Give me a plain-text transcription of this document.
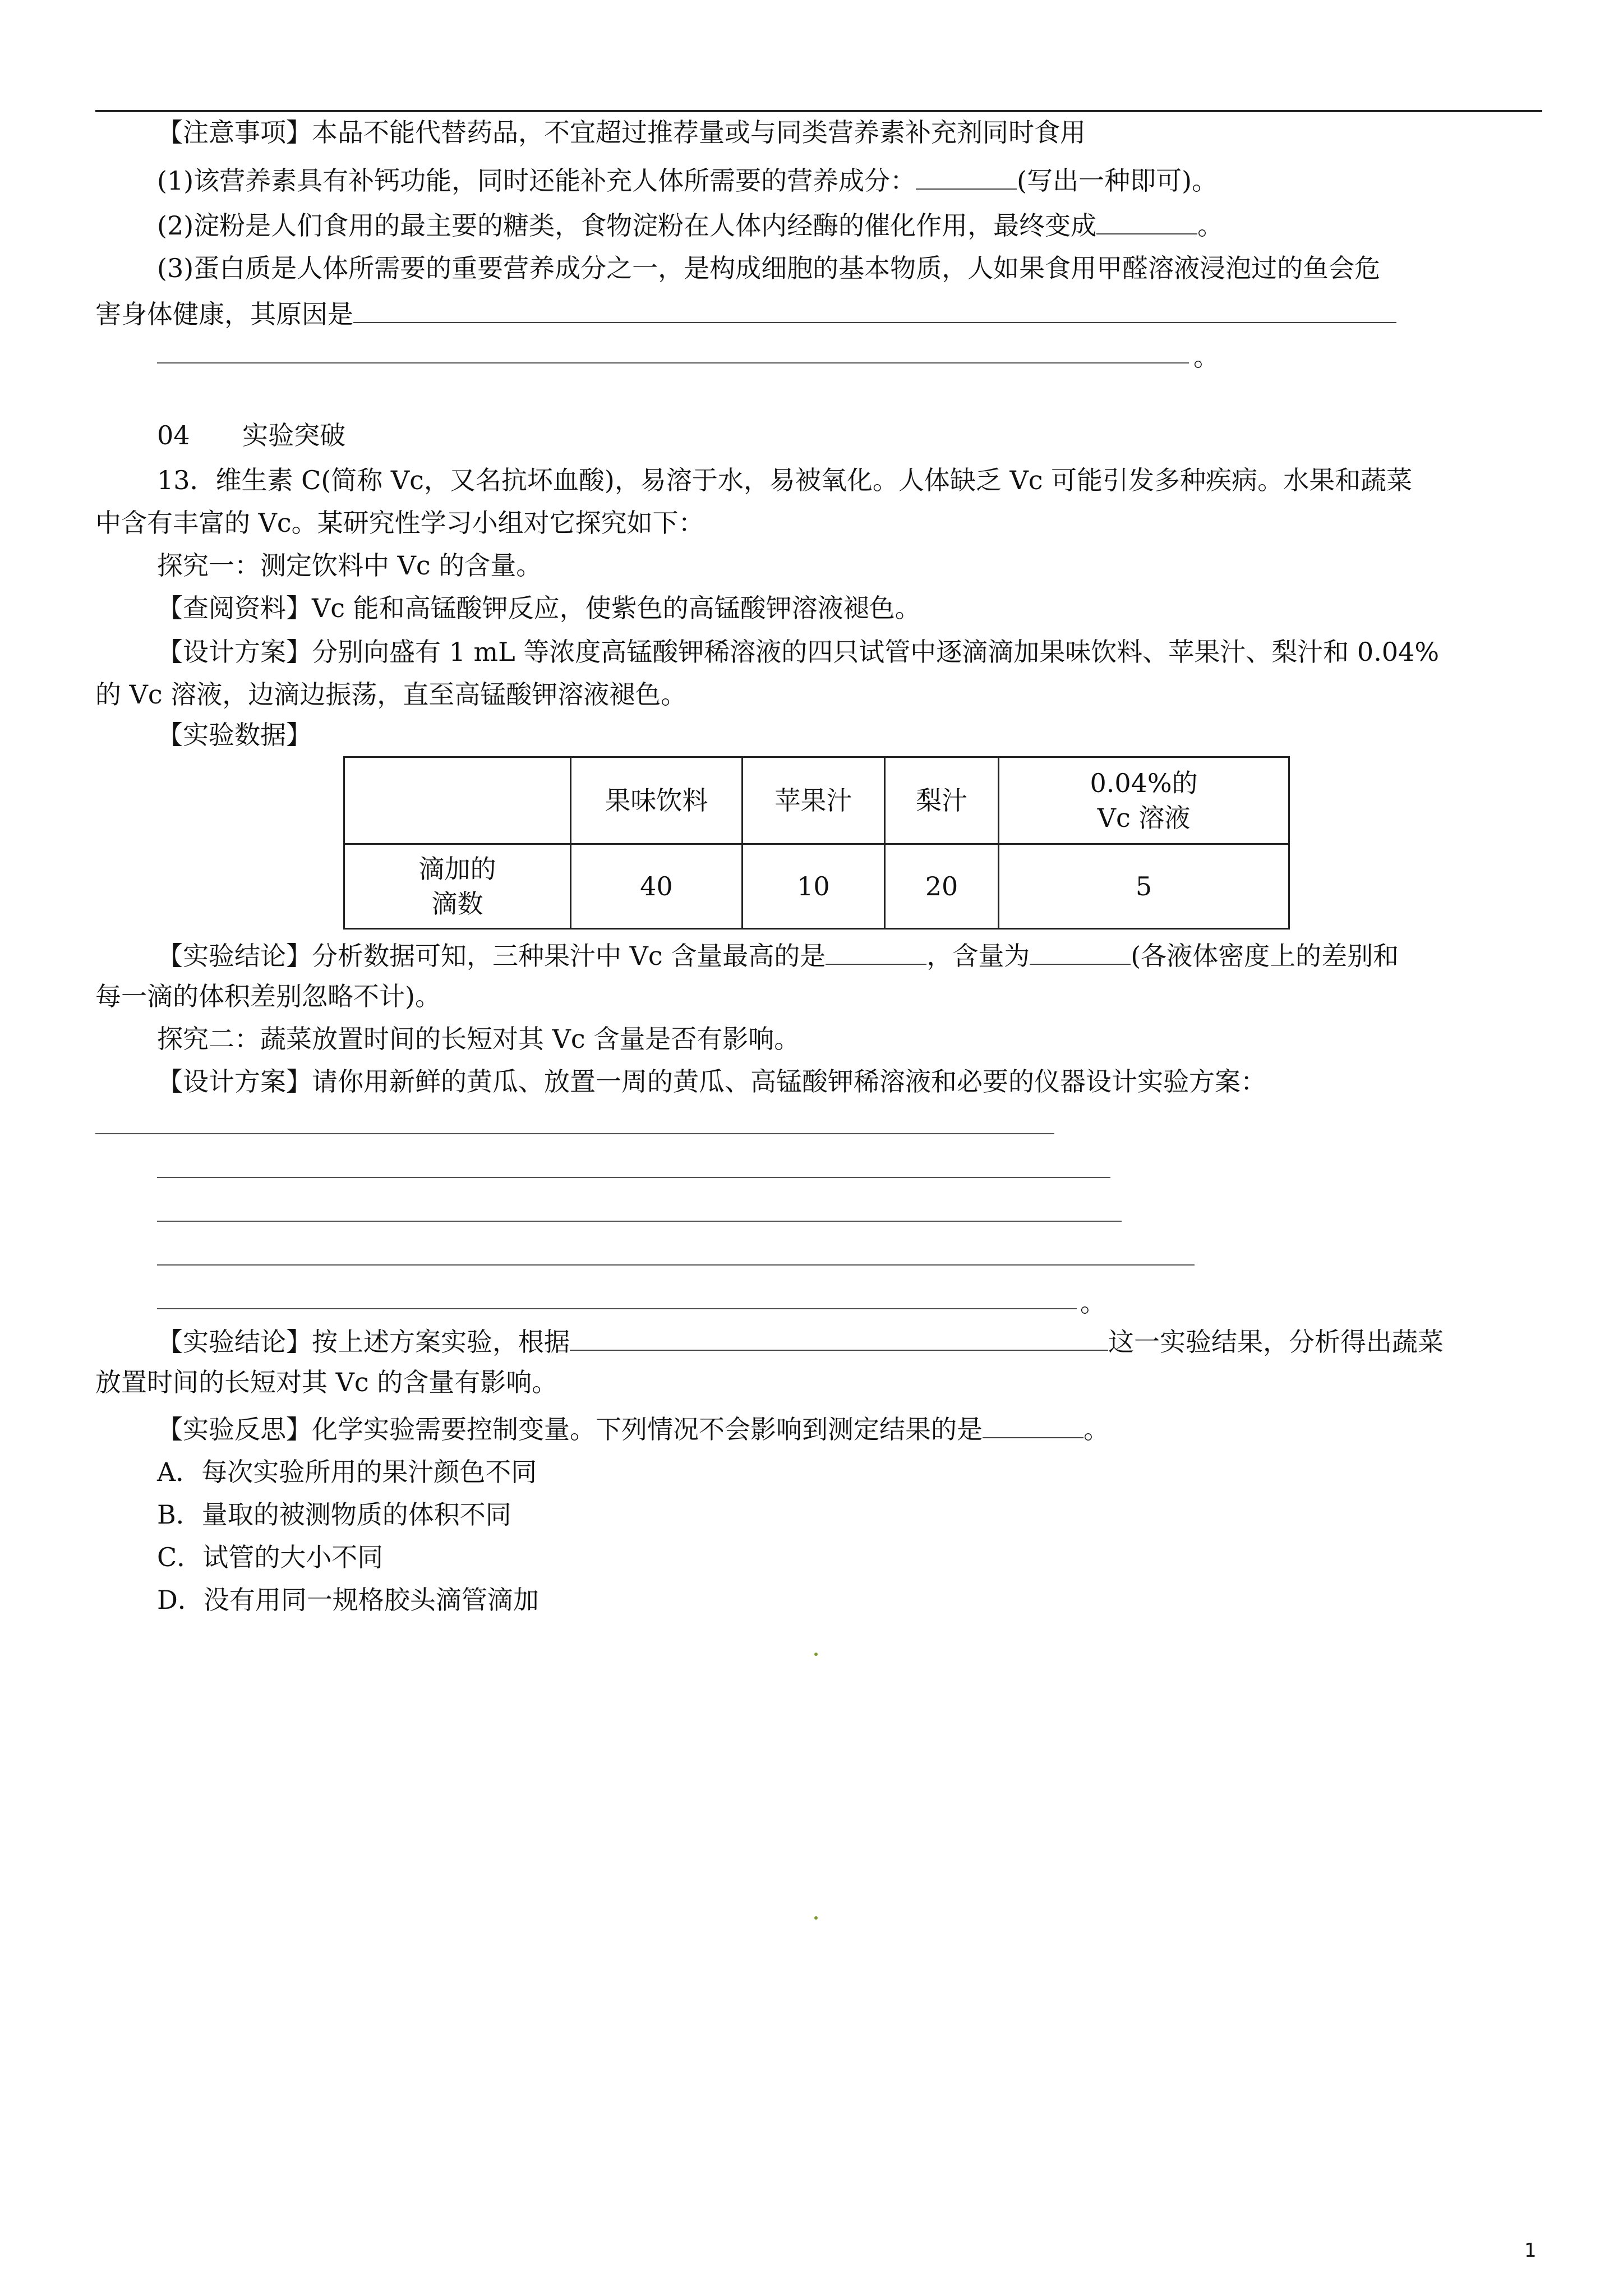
【注意事项】本品不能代替药品，不宜超过推荐量或与同类营养素补充剂同时食用
(1)该营养素具有补钙功能，同时还能补充人体所需要的营养成分：	(写出一种即可)。
(2)淀粉是人们食用的最主要的糖类，食物淀粉在人体内经酶的催化作用，最终变成	。
(3)蛋白质是人体所需要的重要营养成分之一，是构成细胞的基本物质，人如果食用甲醛溶液浸泡过的鱼会危
害身体健康，其原因是
。
04 实验突破
13．维生素 C(简称 Vc，又名抗坏血酸)，易溶于水，易被氧化。人体缺乏 Vc 可能引发多种疾病。水果和蔬菜
中含有丰富的 Vc。某研究性学习小组对它探究如下：
探究一：测定饮料中 Vc 的含量。
【查阅资料】Vc 能和高锰酸钾反应，使紫色的高锰酸钾溶液褪色。
【设计方案】分别向盛有 1 mL 等浓度高锰酸钾稀溶液的四只试管中逐滴滴加果味饮料、苹果汁、梨汁和 0.04%
的 Vc 溶液，边滴边振荡，直至高锰酸钾溶液褪色。
【实验数据】
	果味饮料	苹果汁	梨汁	0.04%的
Vc 溶液

滴加的
滴数	40	10	20	5
【实验结论】分析数据可知，三种果汁中 Vc 含量最高的是	，含量为	(各液体密度上的差别和
每一滴的体积差别忽略不计)。
探究二：蔬菜放置时间的长短对其 Vc 含量是否有影响。
【设计方案】请你用新鲜的黄瓜、放置一周的黄瓜、高锰酸钾稀溶液和必要的仪器设计实验方案：
。
【实验结论】按上述方案实验，根据	这一实验结果，分析得出蔬菜
放置时间的长短对其 Vc 的含量有影响。
【实验反思】化学实验需要控制变量。下列情况不会影响到测定结果的是	。
A．每次实验所用的果汁颜色不同
B．量取的被测物质的体积不同
C．试管的大小不同
D．没有用同一规格胶头滴管滴加
1
